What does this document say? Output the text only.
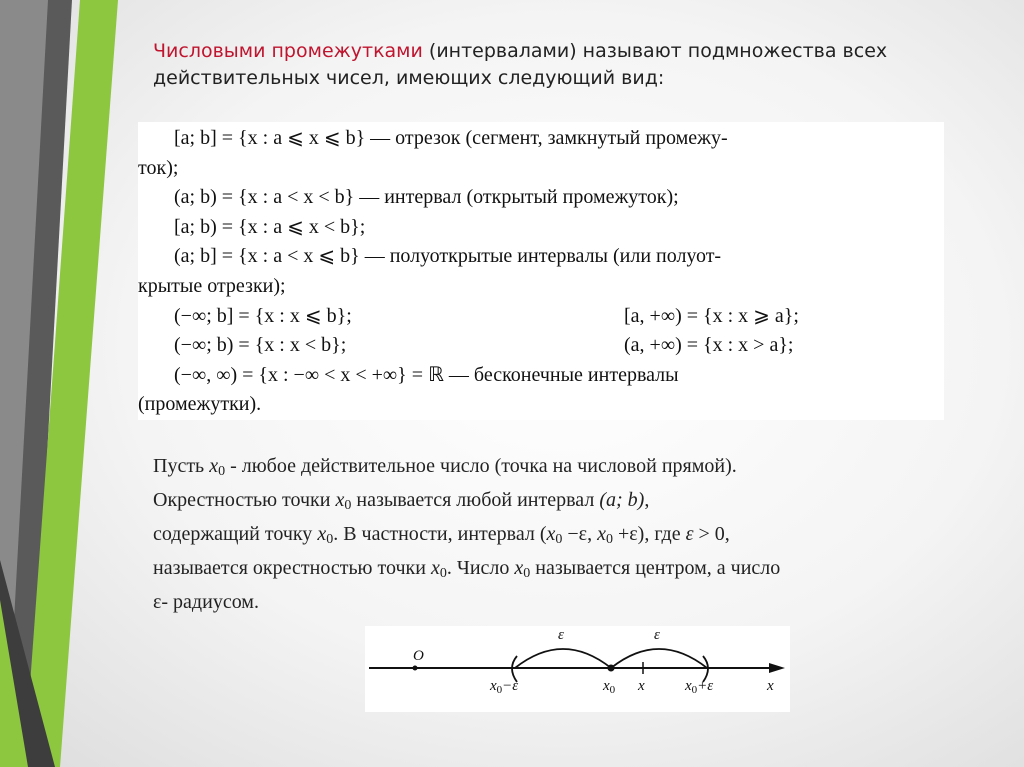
Числовыми промежутками (интервалами) называют подмножества всех действительных чисел, имеющих следующий вид:
[a; b] = {x : a ⩽ x ⩽ b} — отрезок (сегмент, замкнутый промежу-
ток);
(a; b) = {x : a < x < b} — интервал (открытый промежуток);
[a; b) = {x : a ⩽ x < b};
(a; b] = {x : a < x ⩽ b} — полуоткрытые интервалы (или полуот-
крытые отрезки);
(−∞; b] = {x : x ⩽ b};	[a, +∞) = {x : x ⩾ a};
(−∞; b) = {x : x < b};	(a, +∞) = {x : x > a};
(−∞, ∞) = {x : −∞ < x < +∞} = ℝ — бесконечные интервалы
(промежутки).
Пусть $x_0$ - любое действительное число (точка на числовой прямой).
Окрестностью точки $x_0$ называется любой интервал (a; b),
содержащий точку $x_0$. В частности, интервал ($x_0 -\varepsilon$, $x_0 +\varepsilon$), где ε > 0,
называется окрестностью точки $x_0$. Число $x_0$ называется центром, а число
ε- радиусом.
O
ε	ε
$x_0-\varepsilon$	$x_0$ x	$x_0+\varepsilon$	x
